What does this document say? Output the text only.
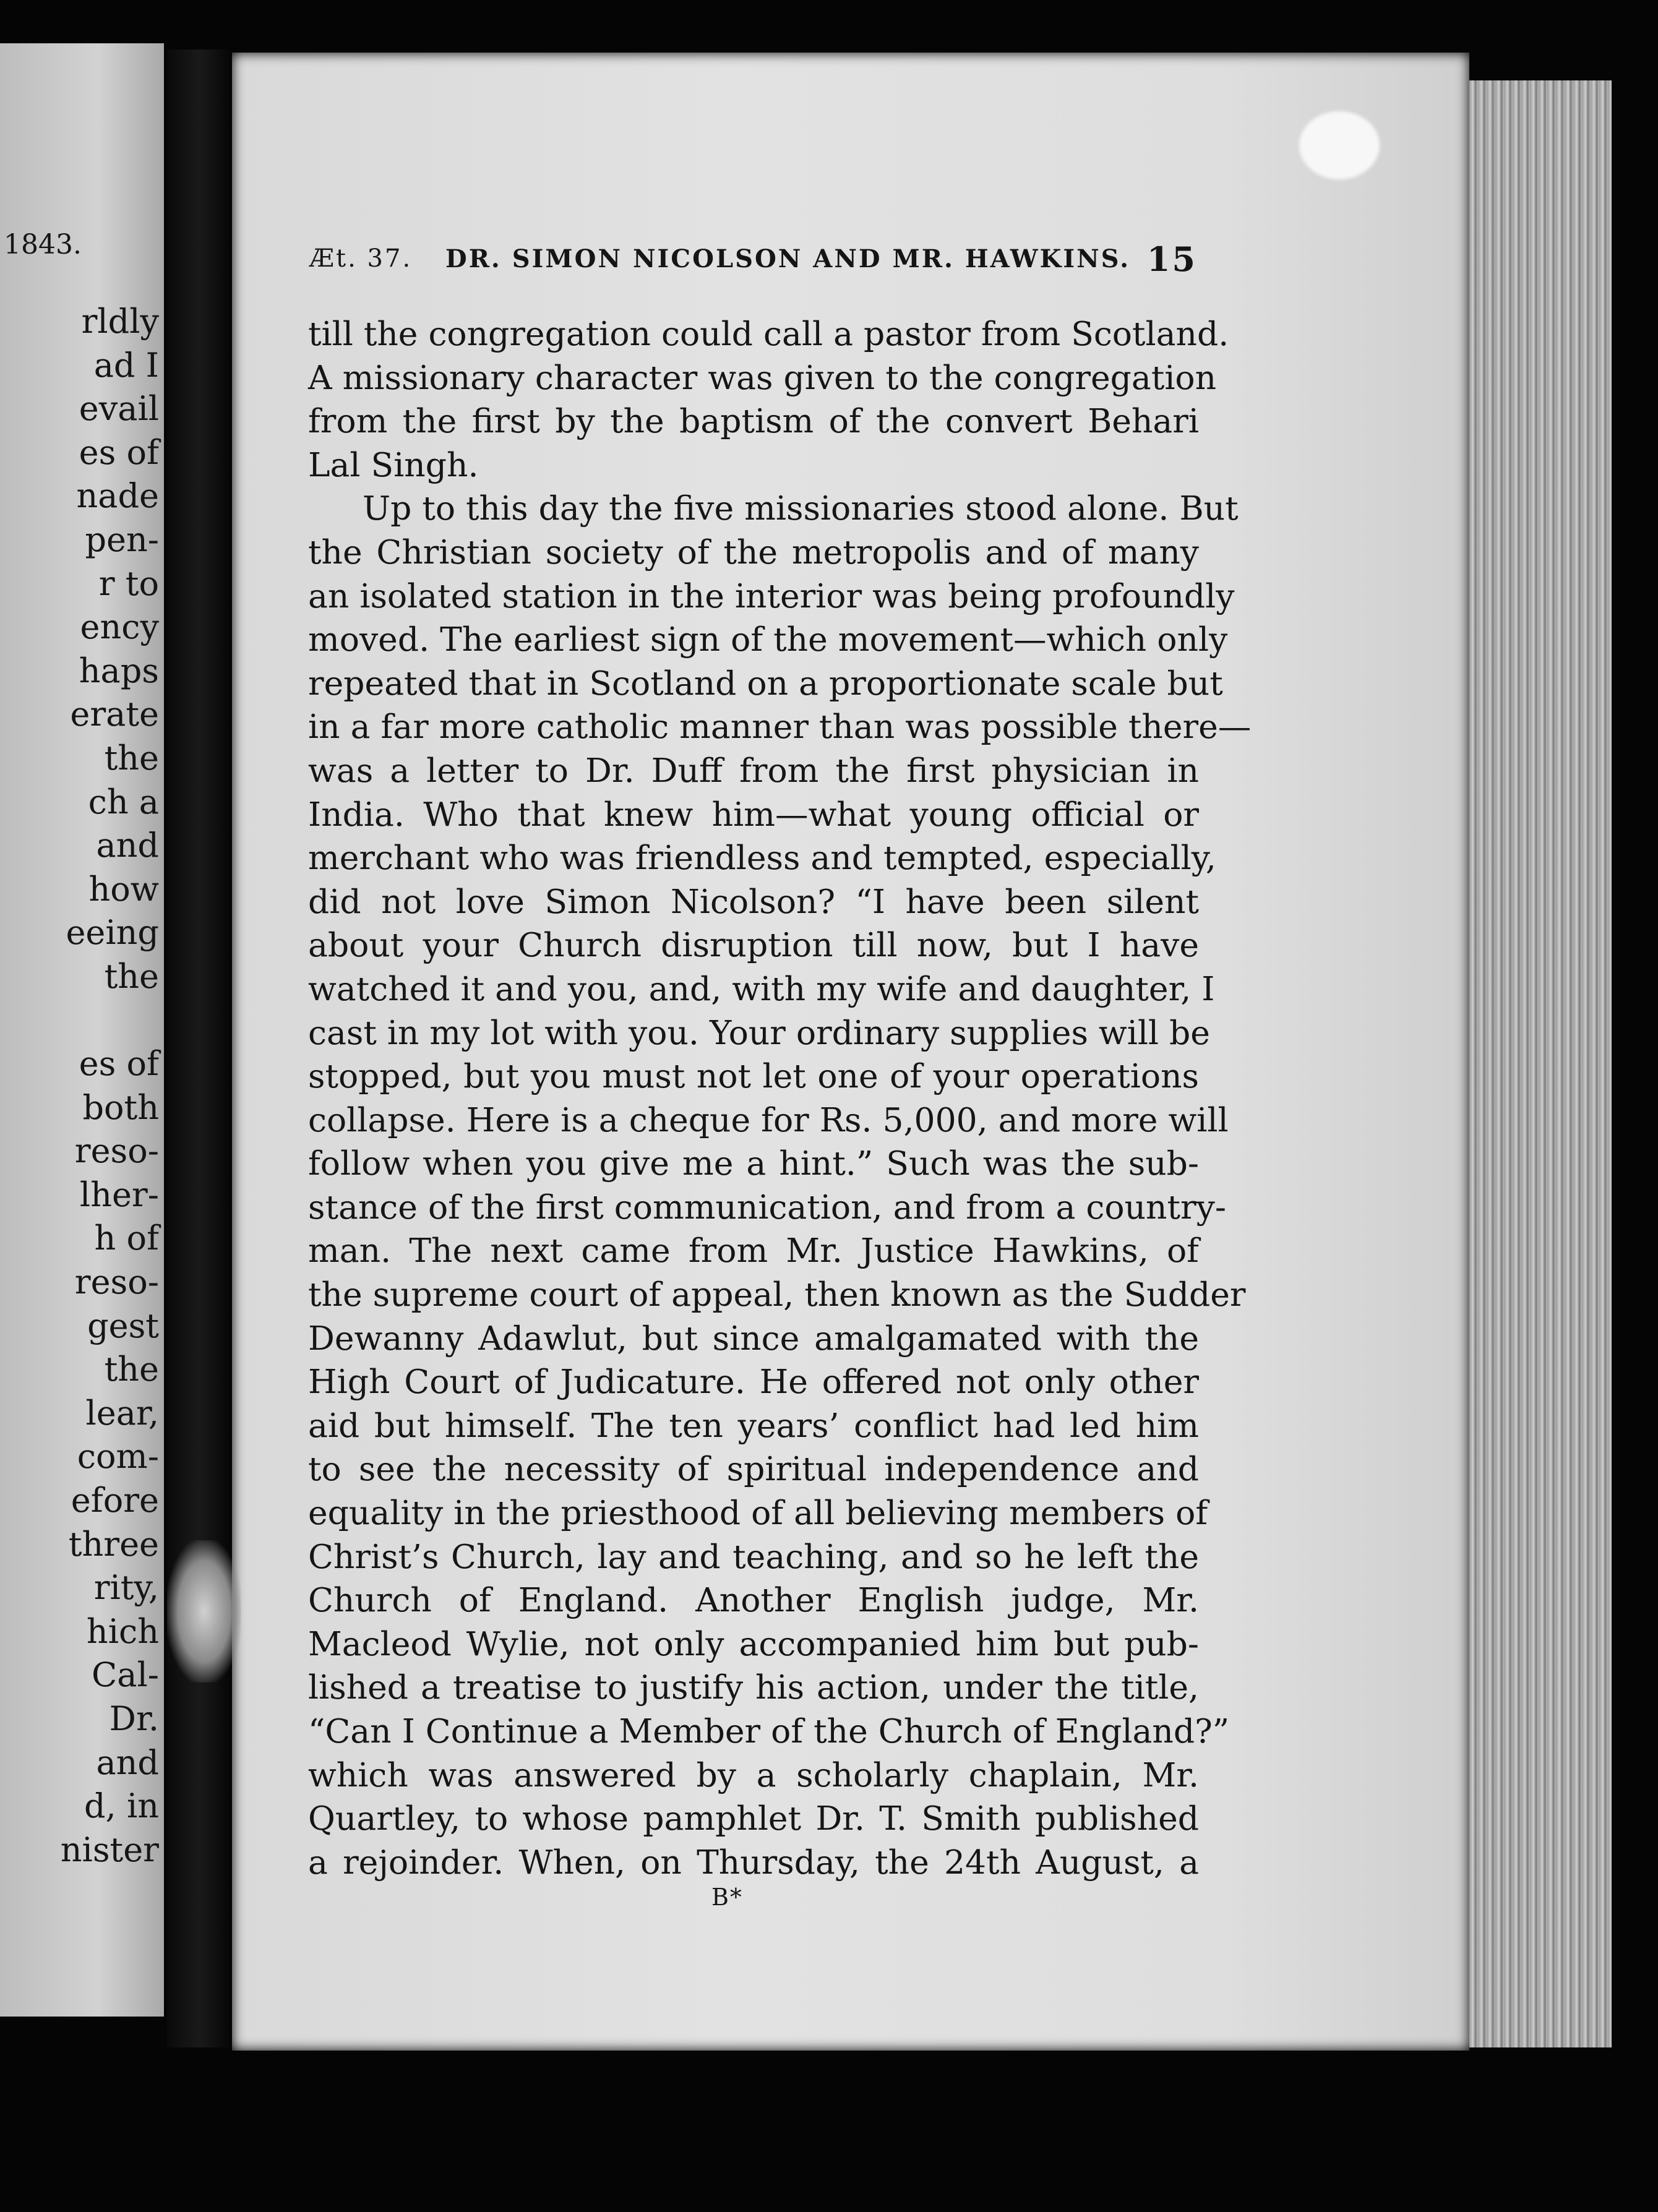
1843.
rldly
ad I
evail
es of
nade
pen-
r to
ency
haps
erate
the
ch a
and
how
eeing
the
es of
both
reso-
lher-
h of
reso-
gest
the
lear,
com-
efore
three
rity,
hich
Cal-
Dr.
and
d, in
nister
Æt. 37. DR. SIMON NICOLSON AND MR. HAWKINS. 15
till the congregation could call a pastor from Scotland.
A missionary character was given to the congregation
from the first by the baptism of the convert Behari
Lal Singh.
Up to this day the five missionaries stood alone. But
the Christian society of the metropolis and of many
an isolated station in the interior was being profoundly
moved. The earliest sign of the movement—which only
repeated that in Scotland on a proportionate scale but
in a far more catholic manner than was possible there—
was a letter to Dr. Duff from the first physician in
India. Who that knew him—what young official or
merchant who was friendless and tempted, especially,
did not love Simon Nicolson? “I have been silent
about your Church disruption till now, but I have
watched it and you, and, with my wife and daughter, I
cast in my lot with you. Your ordinary supplies will be
stopped, but you must not let one of your operations
collapse. Here is a cheque for Rs. 5,000, and more will
follow when you give me a hint.” Such was the sub-
stance of the first communication, and from a country-
man. The next came from Mr. Justice Hawkins, of
the supreme court of appeal, then known as the Sudder
Dewanny Adawlut, but since amalgamated with the
High Court of Judicature. He offered not only other
aid but himself. The ten years’ conflict had led him
to see the necessity of spiritual independence and
equality in the priesthood of all believing members of
Christ’s Church, lay and teaching, and so he left the
Church of England. Another English judge, Mr.
Macleod Wylie, not only accompanied him but pub-
lished a treatise to justify his action, under the title,
“Can I Continue a Member of the Church of England?”
which was answered by a scholarly chaplain, Mr.
Quartley, to whose pamphlet Dr. T. Smith published
a rejoinder. When, on Thursday, the 24th August, a
B*
